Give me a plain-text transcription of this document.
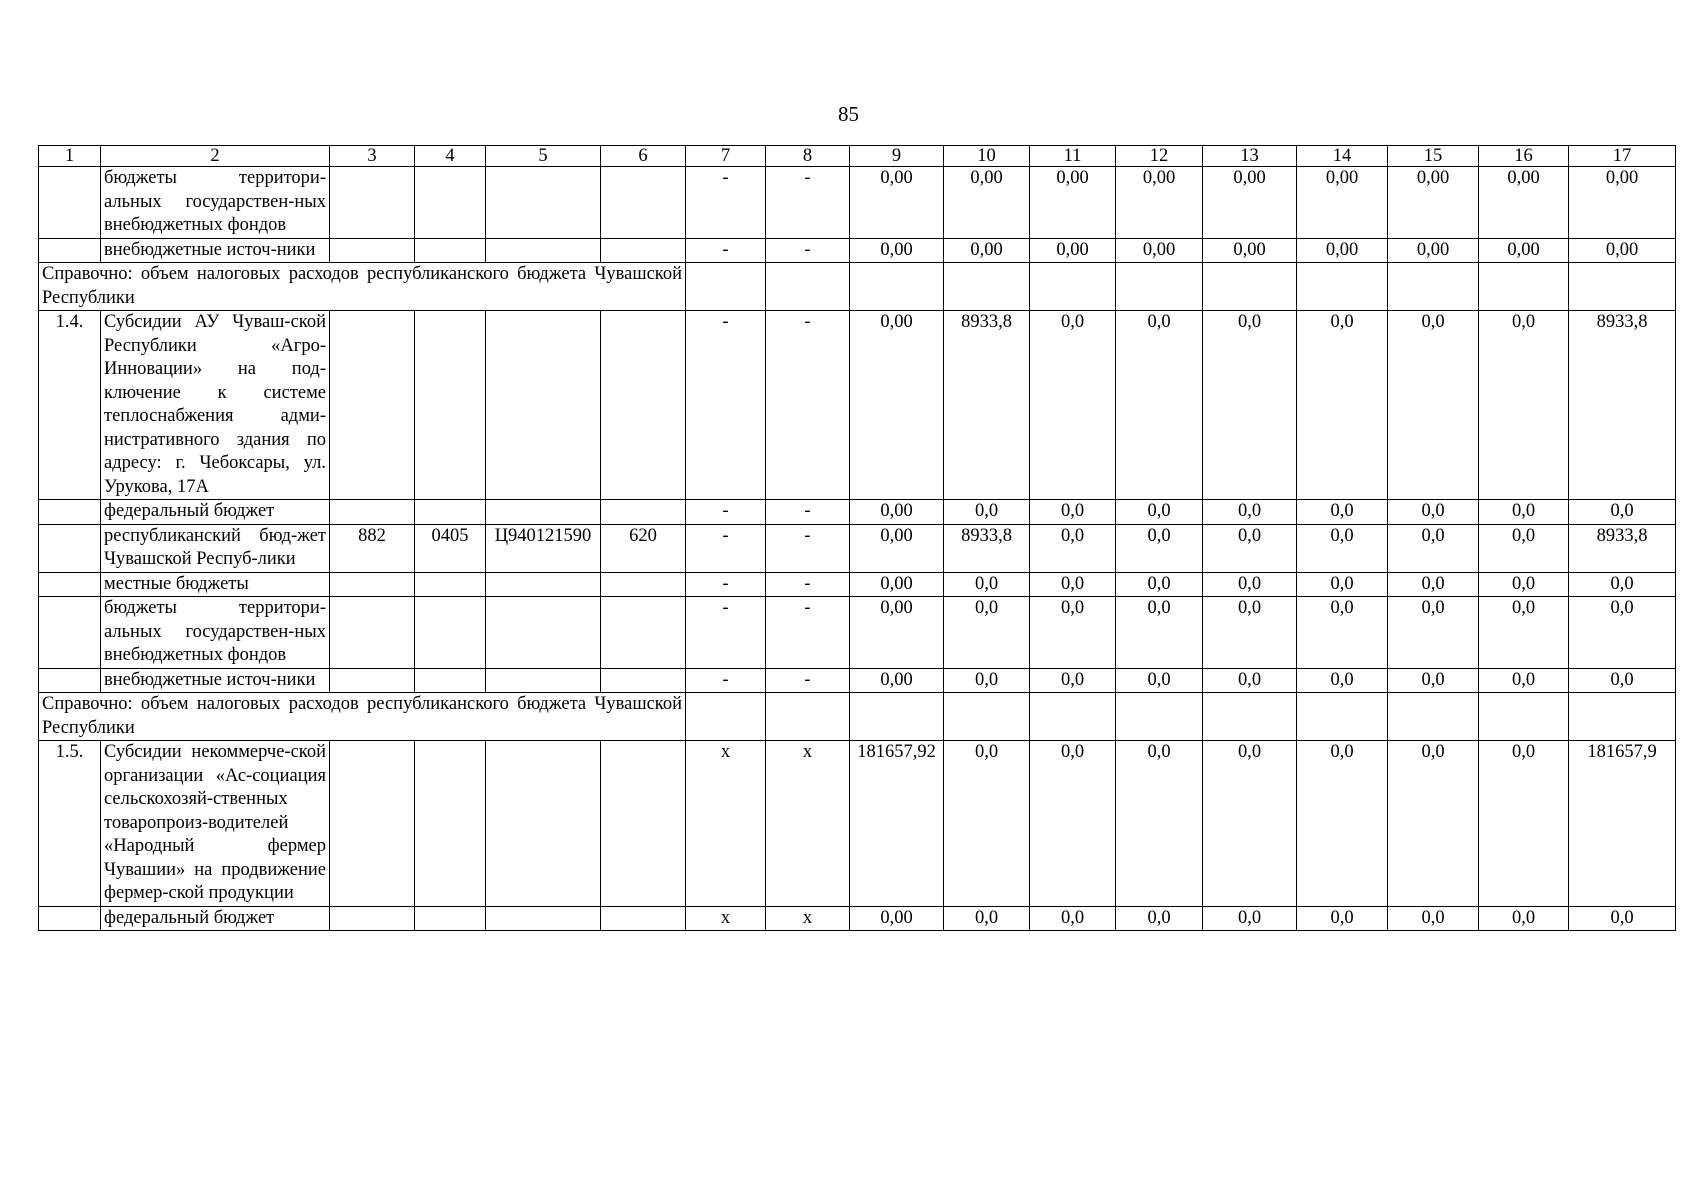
85
1	2	3	4	5	6	7	8	9	10	11	12	13	14	15	16	17
	бюджеты территори-альных государствен-ных внебюджетных фондов					-	-	0,00	0,00	0,00	0,00	0,00	0,00	0,00	0,00	0,00
	внебюджетные источ-ники					-	-	0,00	0,00	0,00	0,00	0,00	0,00	0,00	0,00	0,00
Справочно: объем налоговых расходов республиканского бюджета Чувашской Республики																
1.4.	Субсидии АУ Чуваш-ской Республики «Агро-Инновации» на под-ключение к системе теплоснабжения адми-нистративного здания по адресу: г. Чебоксары, ул. Урукова, 17А					-	-	0,00	8933,8	0,0	0,0	0,0	0,0	0,0	0,0	8933,8
	федеральный бюджет					-	-	0,00	0,0	0,0	0,0	0,0	0,0	0,0	0,0	0,0
	республиканский бюд-жет Чувашской Респуб-лики	882	0405	Ц940121590	620	-	-	0,00	8933,8	0,0	0,0	0,0	0,0	0,0	0,0	8933,8
	местные бюджеты					-	-	0,00	0,0	0,0	0,0	0,0	0,0	0,0	0,0	0,0
	бюджеты территори-альных государствен-ных внебюджетных фондов					-	-	0,00	0,0	0,0	0,0	0,0	0,0	0,0	0,0	0,0
	внебюджетные источ-ники					-	-	0,00	0,0	0,0	0,0	0,0	0,0	0,0	0,0	0,0
Справочно: объем налоговых расходов республиканского бюджета Чувашской Республики																
1.5.	Субсидии некоммерче-ской организации «Ас-социация сельскохозяй-ственных товаропроиз-водителей «Народный фермер Чувашии» на продвижение фермер-ской продукции					x	x	181657,92	0,0	0,0	0,0	0,0	0,0	0,0	0,0	181657,9
	федеральный бюджет					x	x	0,00	0,0	0,0	0,0	0,0	0,0	0,0	0,0	0,0
